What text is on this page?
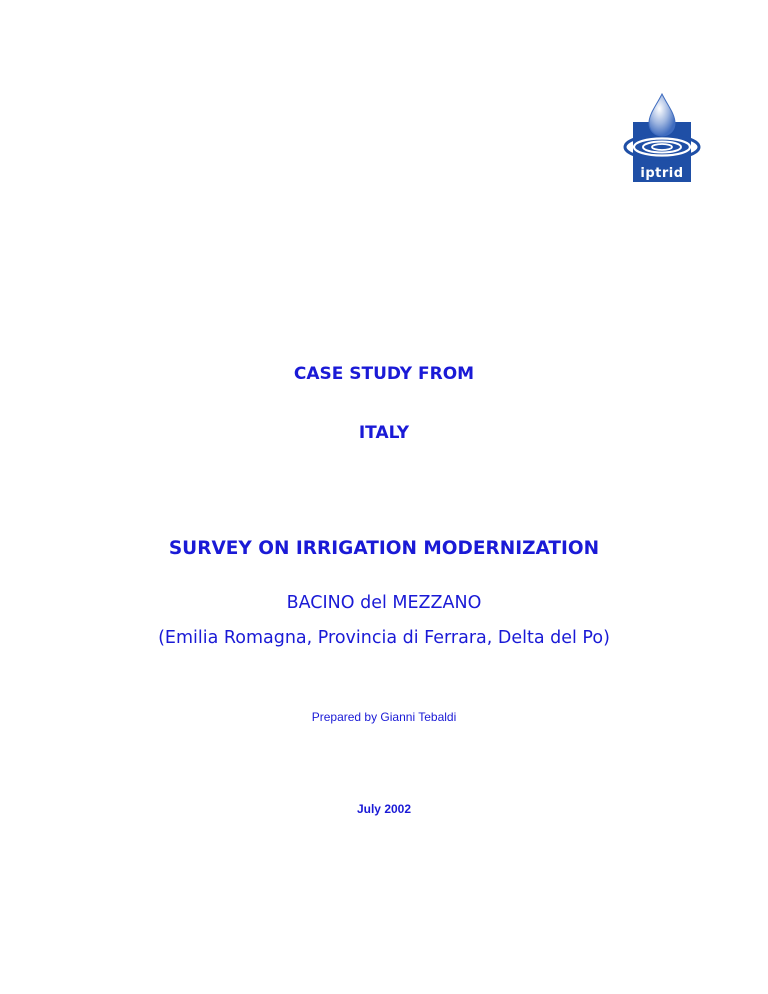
iptrid
CASE STUDY FROM
ITALY
SURVEY ON IRRIGATION MODERNIZATION
BACINO del MEZZANO
(Emilia Romagna, Provincia di Ferrara, Delta del Po)
Prepared by Gianni Tebaldi
July 2002
